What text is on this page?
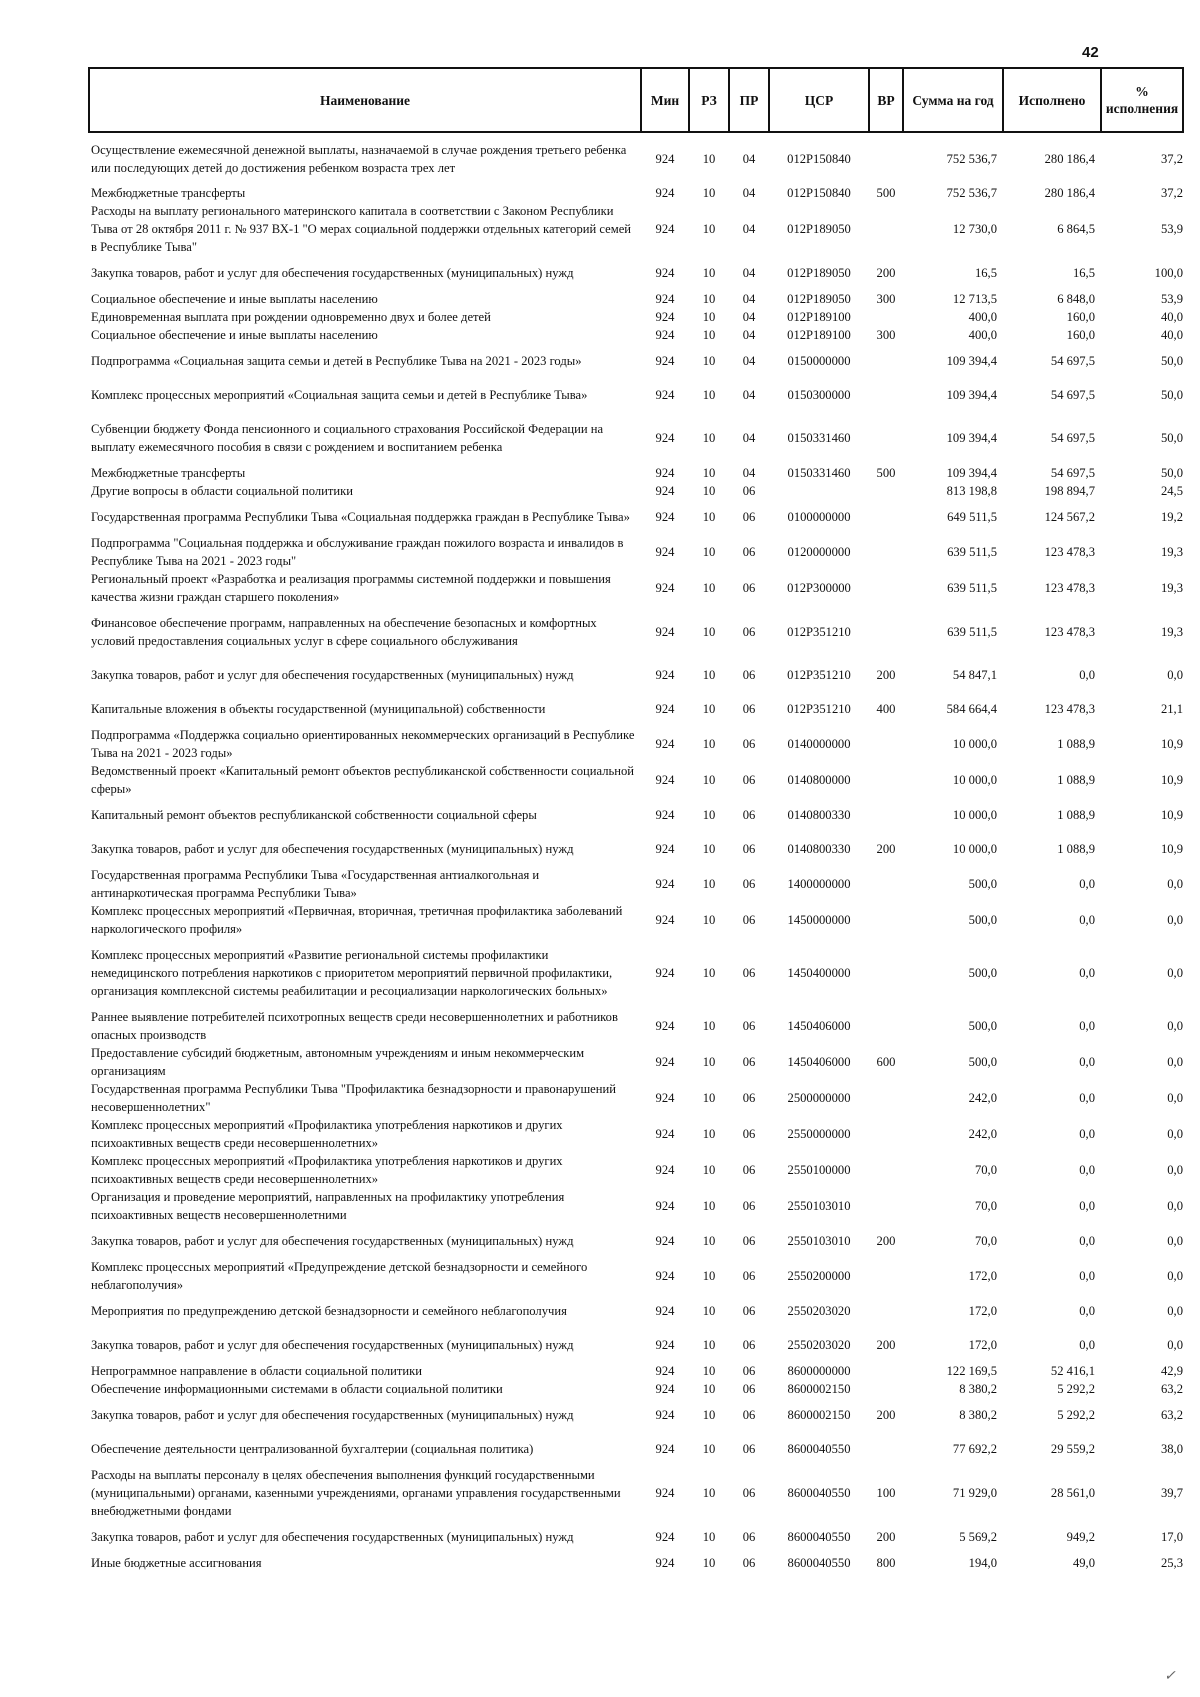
42
Наименование	Мин	РЗ	ПР	ЦСР	ВР	Сумма на год	Исполнено	% исполнения
Осуществление ежемесячной денежной выплаты, назначаемой в случае рождения третьего ребенка или последующих детей до достижения ребенком возраста трех лет	924	10	04	012P150840		752 536,7	280 186,4	37,2
Межбюджетные трансферты	924	10	04	012P150840	500	752 536,7	280 186,4	37,2
Расходы на выплату регионального материнского капитала в соответствии с Законом Республики Тыва от 28 октября 2011 г. № 937 ВХ-1 "О мерах социальной поддержки отдельных категорий семей в Республике Тыва"	924	10	04	012P189050		12 730,0	6 864,5	53,9
Закупка товаров, работ и услуг для обеспечения государственных (муниципальных) нужд	924	10	04	012P189050	200	16,5	16,5	100,0
Социальное обеспечение и иные выплаты населению	924	10	04	012P189050	300	12 713,5	6 848,0	53,9
Единовременная выплата при рождении одновременно двух и более детей	924	10	04	012P189100		400,0	160,0	40,0
Социальное обеспечение и иные выплаты населению	924	10	04	012P189100	300	400,0	160,0	40,0
Подпрограмма «Социальная защита семьи и детей в Республике Тыва на 2021 - 2023 годы»	924	10	04	0150000000		109 394,4	54 697,5	50,0
Комплекс процессных мероприятий «Социальная защита семьи и детей в Республике Тыва»	924	10	04	0150300000		109 394,4	54 697,5	50,0
Субвенции бюджету Фонда пенсионного и социального страхования Российской Федерации на выплату ежемесячного пособия в связи с рождением и воспитанием ребенка	924	10	04	0150331460		109 394,4	54 697,5	50,0
Межбюджетные трансферты	924	10	04	0150331460	500	109 394,4	54 697,5	50,0
Другие вопросы в области социальной политики	924	10	06			813 198,8	198 894,7	24,5
Государственная программа Республики Тыва «Социальная поддержка граждан в Республике Тыва»	924	10	06	0100000000		649 511,5	124 567,2	19,2
Подпрограмма "Социальная поддержка и обслуживание граждан пожилого возраста и инвалидов в Республике Тыва на 2021 - 2023 годы"	924	10	06	0120000000		639 511,5	123 478,3	19,3
Региональный проект «Разработка и реализация программы системной поддержки и повышения качества жизни граждан старшего поколения»	924	10	06	012P300000		639 511,5	123 478,3	19,3
Финансовое обеспечение программ, направленных на обеспечение безопасных и комфортных условий предоставления социальных услуг в сфере социального обслуживания	924	10	06	012P351210		639 511,5	123 478,3	19,3
Закупка товаров, работ и услуг для обеспечения государственных (муниципальных) нужд	924	10	06	012P351210	200	54 847,1	0,0	0,0
Капитальные вложения в объекты государственной (муниципальной) собственности	924	10	06	012P351210	400	584 664,4	123 478,3	21,1
Подпрограмма «Поддержка социально ориентированных некоммерческих организаций в Республике Тыва на 2021 - 2023 годы»	924	10	06	0140000000		10 000,0	1 088,9	10,9
Ведомственный проект «Капитальный ремонт объектов республиканской собственности социальной сферы»	924	10	06	0140800000		10 000,0	1 088,9	10,9
Капитальный ремонт объектов республиканской собственности социальной сферы	924	10	06	0140800330		10 000,0	1 088,9	10,9
Закупка товаров, работ и услуг для обеспечения государственных (муниципальных) нужд	924	10	06	0140800330	200	10 000,0	1 088,9	10,9
Государственная программа Республики Тыва «Государственная антиалкогольная и антинаркотическая программа Республики Тыва»	924	10	06	1400000000		500,0	0,0	0,0
Комплекс процессных мероприятий «Первичная, вторичная, третичная профилактика заболеваний наркологического профиля»	924	10	06	1450000000		500,0	0,0	0,0
Комплекс процессных мероприятий «Развитие региональной системы профилактики немедицинского потребления наркотиков с приоритетом мероприятий первичной профилактики, организация комплексной системы реабилитации и ресоциализации наркологических больных»	924	10	06	1450400000		500,0	0,0	0,0
Раннее выявление потребителей психотропных веществ среди несовершеннолетних и работников опасных производств	924	10	06	1450406000		500,0	0,0	0,0
Предоставление субсидий бюджетным, автономным учреждениям и иным некоммерческим организациям	924	10	06	1450406000	600	500,0	0,0	0,0
Государственная программа Республики Тыва "Профилактика безнадзорности и правонарушений несовершеннолетних"	924	10	06	2500000000		242,0	0,0	0,0
Комплекс процессных мероприятий «Профилактика употребления наркотиков и других психоактивных веществ среди несовершеннолетних»	924	10	06	2550000000		242,0	0,0	0,0
Комплекс процессных мероприятий «Профилактика употребления наркотиков и других психоактивных веществ среди несовершеннолетних»	924	10	06	2550100000		70,0	0,0	0,0
Организация и проведение мероприятий, направленных на профилактику употребления психоактивных веществ несовершеннолетними	924	10	06	2550103010		70,0	0,0	0,0
Закупка товаров, работ и услуг для обеспечения государственных (муниципальных) нужд	924	10	06	2550103010	200	70,0	0,0	0,0
Комплекс процессных мероприятий «Предупреждение детской безнадзорности и семейного неблагополучия»	924	10	06	2550200000		172,0	0,0	0,0
Мероприятия по предупреждению детской безнадзорности и семейного неблагополучия	924	10	06	2550203020		172,0	0,0	0,0
Закупка товаров, работ и услуг для обеспечения государственных (муниципальных) нужд	924	10	06	2550203020	200	172,0	0,0	0,0
Непрограммное направление в области социальной политики	924	10	06	8600000000		122 169,5	52 416,1	42,9
Обеспечение информационными системами в области социальной политики	924	10	06	8600002150		8 380,2	5 292,2	63,2
Закупка товаров, работ и услуг для обеспечения государственных (муниципальных) нужд	924	10	06	8600002150	200	8 380,2	5 292,2	63,2
Обеспечение деятельности централизованной бухгалтерии (социальная политика)	924	10	06	8600040550		77 692,2	29 559,2	38,0
Расходы на выплаты персоналу в целях обеспечения выполнения функций государственными (муниципальными) органами, казенными учреждениями, органами управления государственными внебюджетными фондами	924	10	06	8600040550	100	71 929,0	28 561,0	39,7
Закупка товаров, работ и услуг для обеспечения государственных (муниципальных) нужд	924	10	06	8600040550	200	5 569,2	949,2	17,0
Иные бюджетные ассигнования	924	10	06	8600040550	800	194,0	49,0	25,3
✓
